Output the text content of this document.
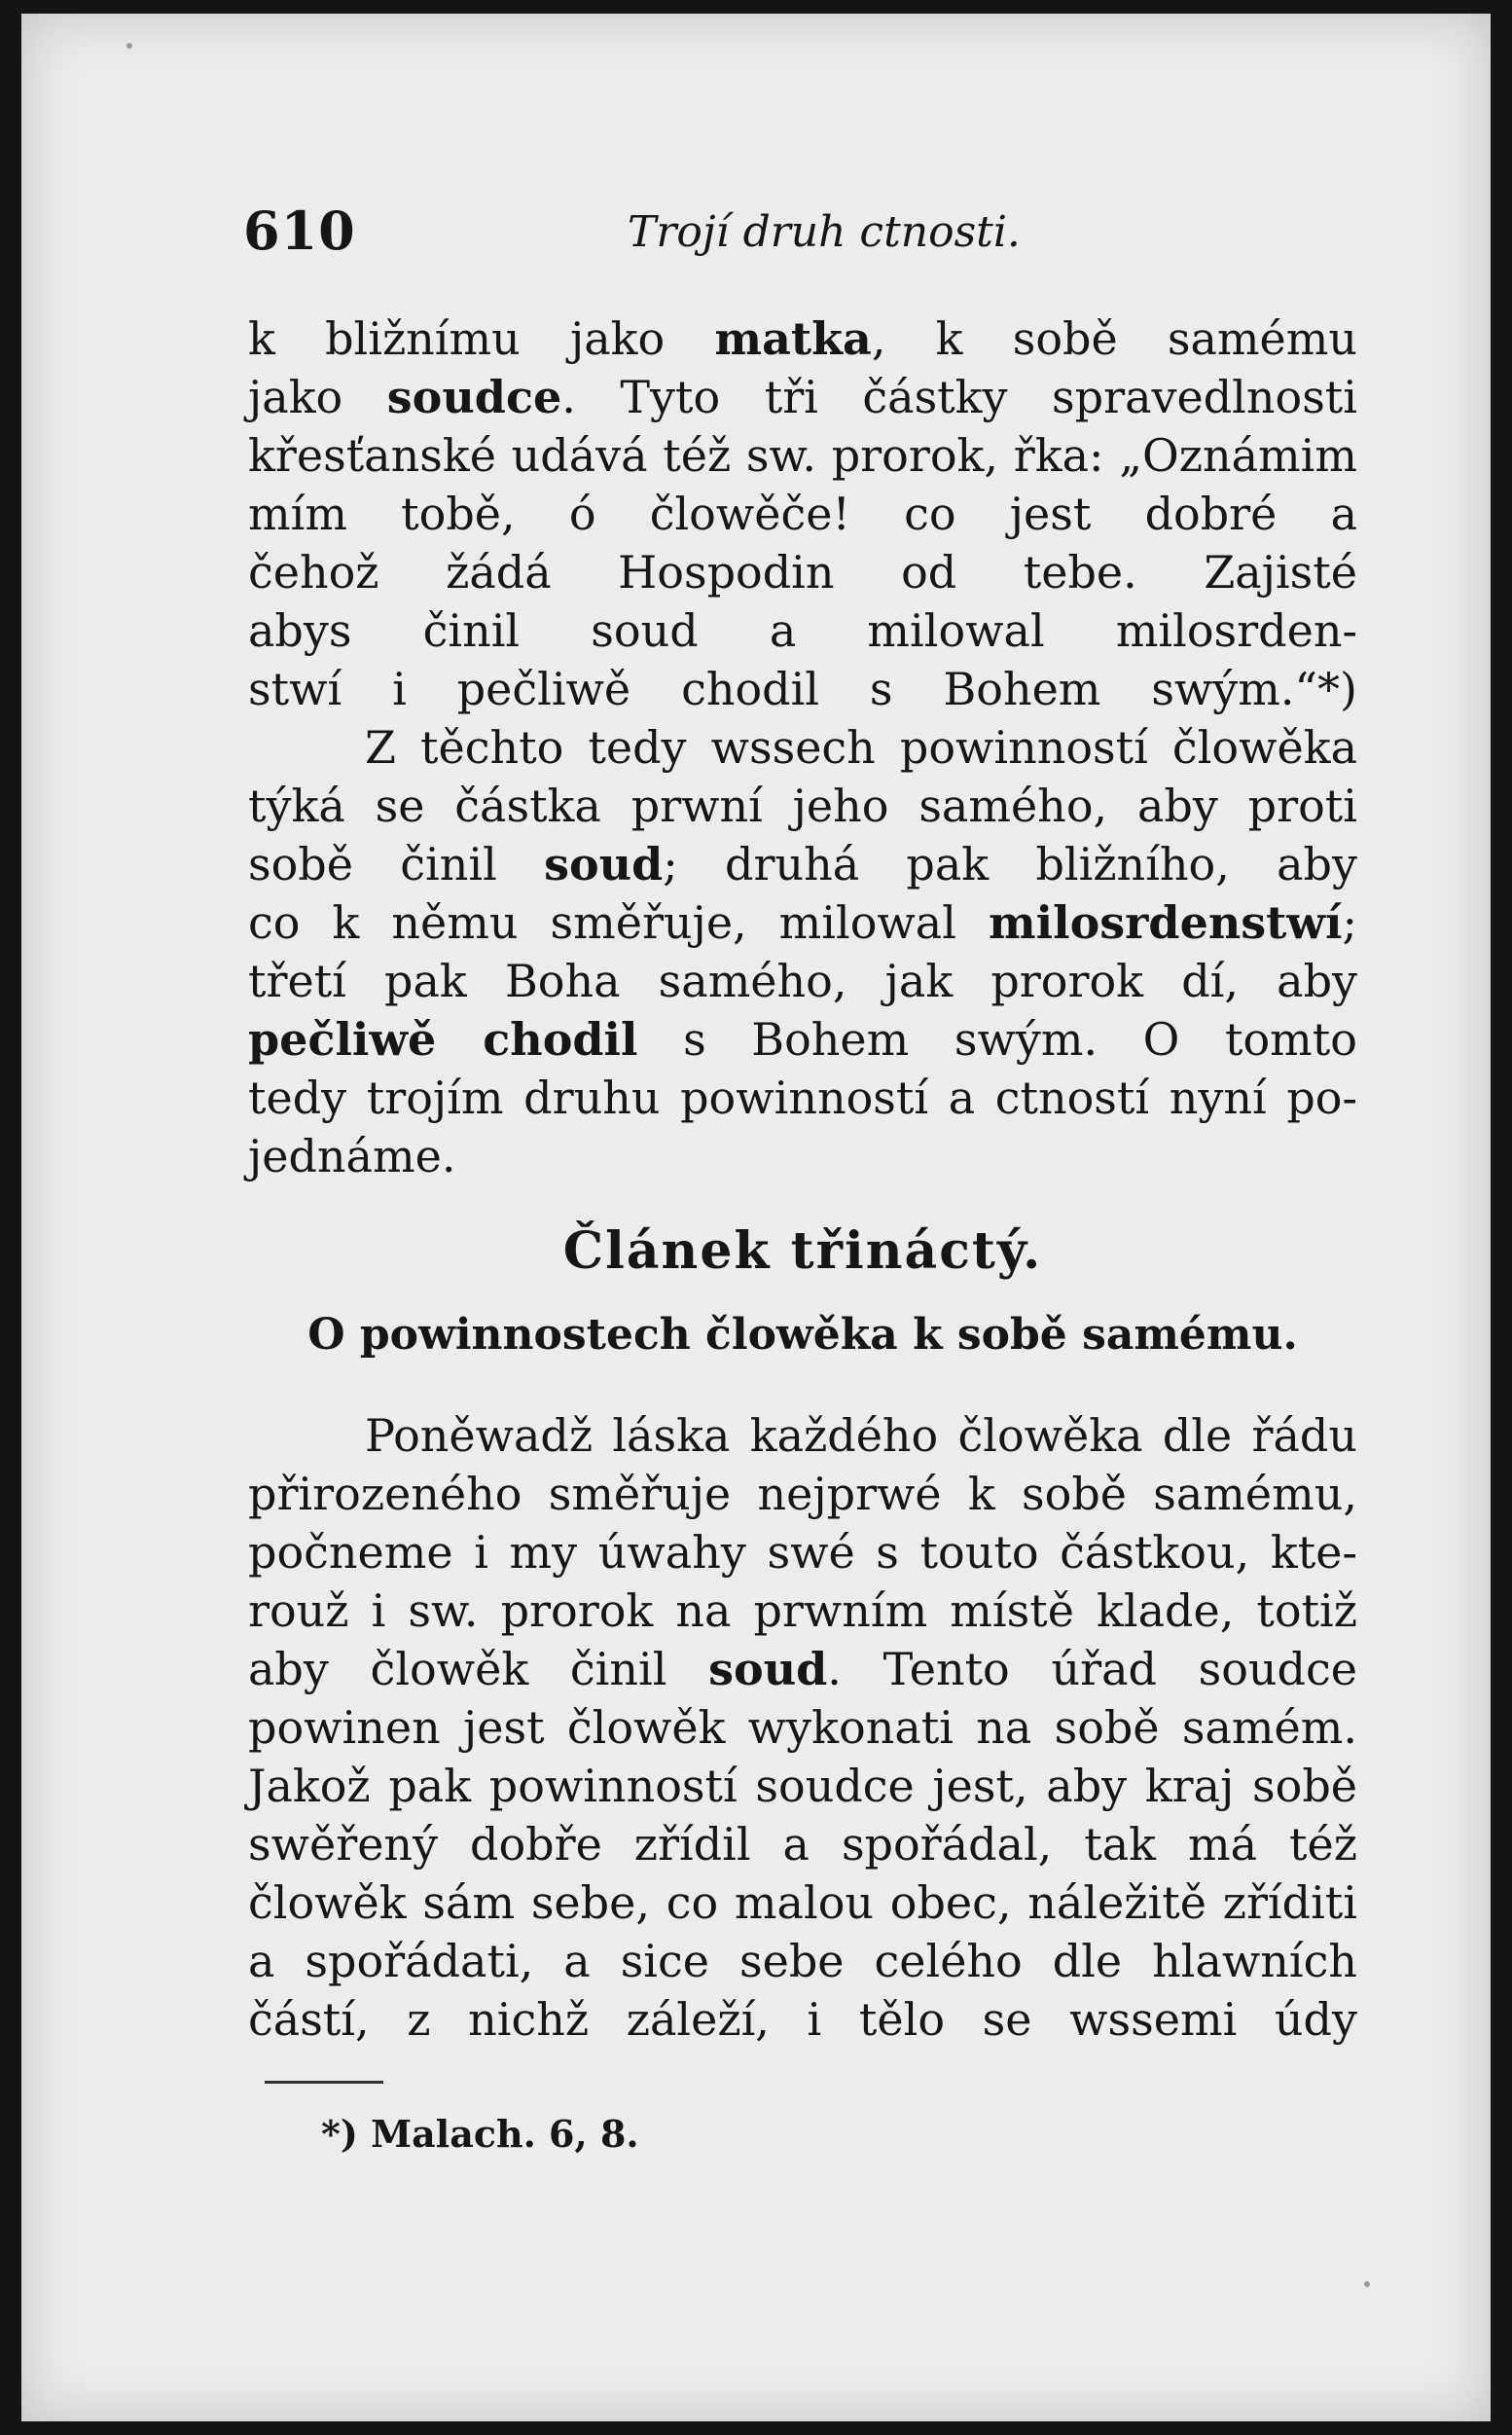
610	Trojí druh ctnosti.
k bližnímu jako matka, k sobě samému
jako soudce. Tyto tři částky spravedlnosti
křesťanské udává též sw. prorok, řka: „Oznámim
mím tobě, ó člowěče! co jest dobré a
čehož žádá Hospodin od tebe. Zajisté
abys činil soud a milowal milosrden-
stwí i pečliwě chodil s Bohem swým.“*)
Z těchto tedy wssech powinností člowěka
týká se částka prwní jeho samého, aby proti
sobě činil soud; druhá pak bližního, aby
co k němu směřuje, milowal milosrdenstwí;
třetí pak Boha samého, jak prorok dí, aby
pečliwě chodil s Bohem swým. O tomto
tedy trojím druhu powinností a ctností nyní po-
jednáme.
Článek třináctý.
O powinnostech člowěka k sobě samému.
Poněwadž láska každého člowěka dle řádu
přirozeného směřuje nejprwé k sobě samému,
počneme i my úwahy swé s touto částkou, kte-
rouž i sw. prorok na prwním místě klade, totiž
aby člowěk činil soud. Tento úřad soudce
powinen jest člowěk wykonati na sobě samém.
Jakož pak powinností soudce jest, aby kraj sobě
swěřený dobře zřídil a spořádal, tak má též
člowěk sám sebe, co malou obec, náležitě zříditi
a spořádati, a sice sebe celého dle hlawních
částí, z nichž záleží, i tělo se wssemi údy
*) Malach. 6, 8.
